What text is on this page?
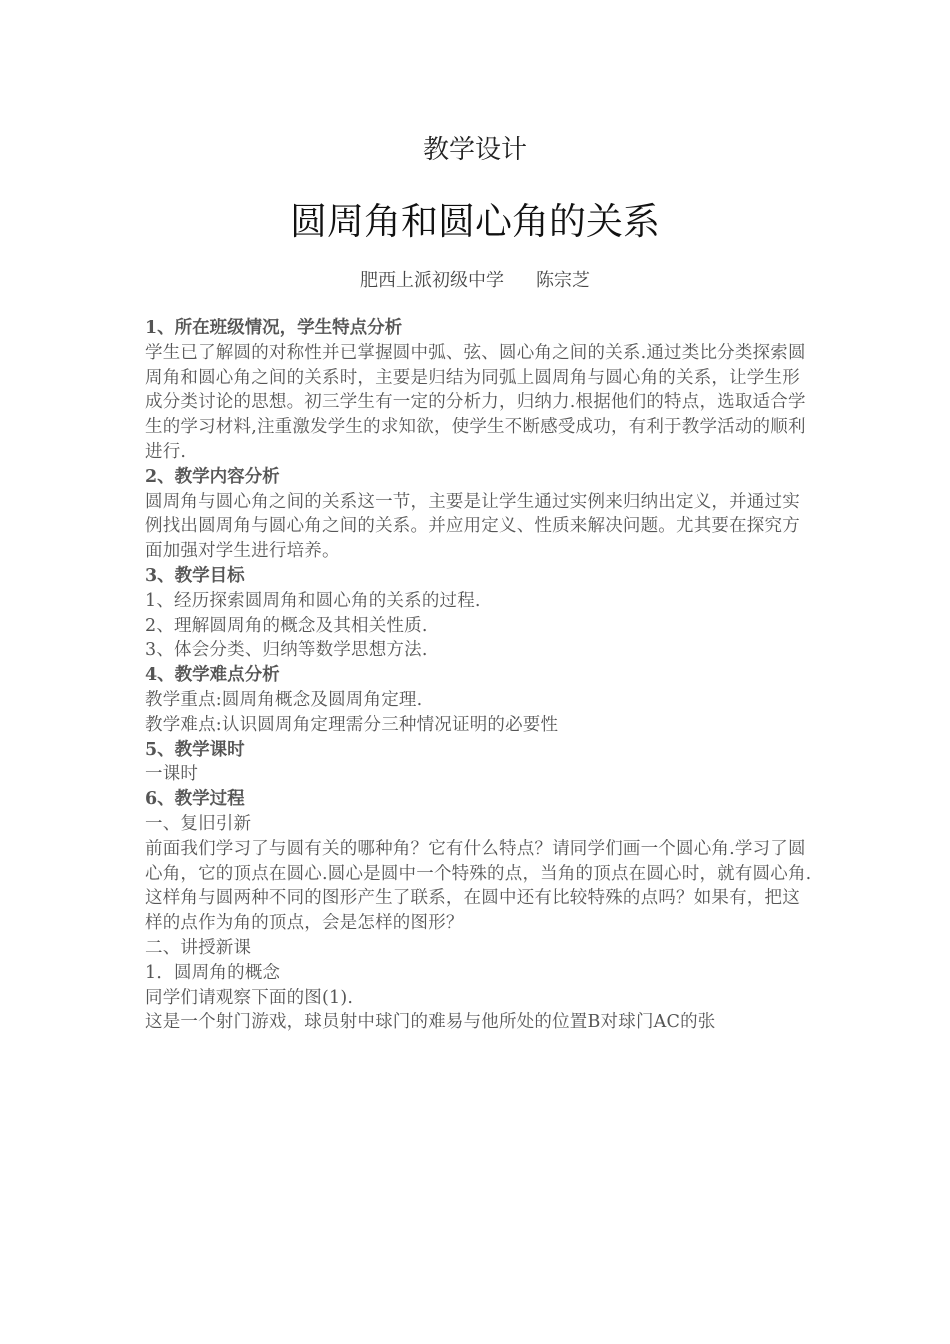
教学设计
圆周角和圆心角的关系
肥西上派初级中学 陈宗芝
1、所在班级情况，学生特点分析
学生已了解圆的对称性并已掌握圆中弧、弦、圆心角之间的关系.通过类比分类探索圆周角和圆心角之间的关系时，主要是归结为同弧上圆周角与圆心角的关系，让学生形成分类讨论的思想。初三学生有一定的分析力，归纳力.根据他们的特点，选取适合学生的学习材料,注重激发学生的求知欲，使学生不断感受成功，有利于教学活动的顺利进行.
2、教学内容分析
圆周角与圆心角之间的关系这一节，主要是让学生通过实例来归纳出定义，并通过实例找出圆周角与圆心角之间的关系。并应用定义、性质来解决问题。尤其要在探究方面加强对学生进行培养。
3、教学目标
1、经历探索圆周角和圆心角的关系的过程.
2、理解圆周角的概念及其相关性质.
3、体会分类、归纳等数学思想方法.
4、教学难点分析
教学重点:圆周角概念及圆周角定理.
教学难点:认识圆周角定理需分三种情况证明的必要性
5、教学课时
一课时
6、教学过程
一、复旧引新
前面我们学习了与圆有关的哪种角？它有什么特点？请同学们画一个圆心角.学习了圆心角，它的顶点在圆心.圆心是圆中一个特殊的点，当角的顶点在圆心时，就有圆心角.这样角与圆两种不同的图形产生了联系，在圆中还有比较特殊的点吗？如果有，把这样的点作为角的顶点，会是怎样的图形？
二、讲授新课
1．圆周角的概念
同学们请观察下面的图(1).
这是一个射门游戏，球员射中球门的难易与他所处的位置B对球门AC的张
